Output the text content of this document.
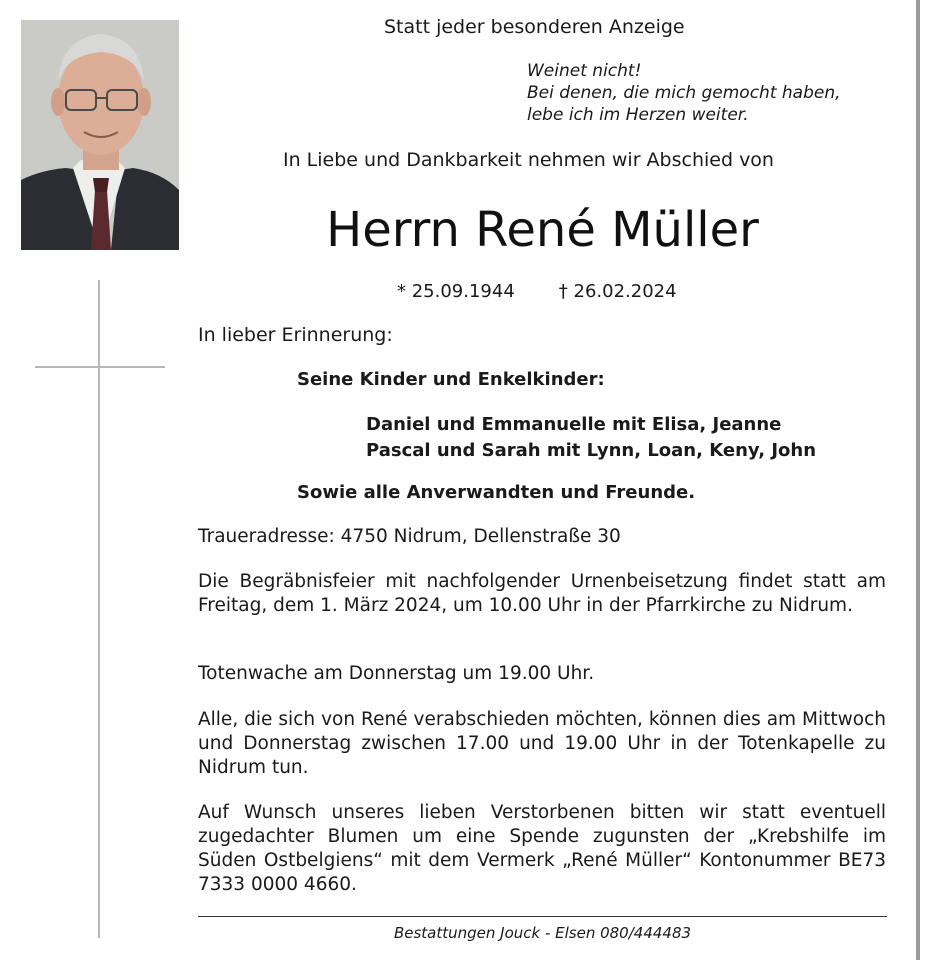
Statt jeder besonderen Anzeige

Weinet nicht!
Bei denen, die mich gemocht haben,
lebe ich im Herzen weiter.

In Liebe und Dankbarkeit nehmen wir Abschied von

Herrn René Müller

* 25.09.1944 † 26.02.2024

In lieber Erinnerung:

Seine Kinder und Enkelkinder:

Daniel und Emmanuelle mit Elisa, Jeanne
Pascal und Sarah mit Lynn, Loan, Keny, John

Sowie alle Anverwandten und Freunde.

Traueradresse: 4750 Nidrum, Dellenstraße 30

Die Begräbnisfeier mit nachfolgender Urnenbeisetzung findet statt am Freitag, dem 1. März 2024, um 10.00 Uhr in der Pfarrkirche zu Nidrum.

Totenwache am Donnerstag um 19.00 Uhr.

Alle, die sich von René verabschieden möchten, können dies am Mittwoch und Donnerstag zwischen 17.00 und 19.00 Uhr in der Totenkapelle zu Nidrum tun.

Auf Wunsch unseres lieben Verstorbenen bitten wir statt eventuell zugedachter Blumen um eine Spende zugunsten der „Krebshilfe im Süden Ostbelgiens“ mit dem Vermerk „René Müller“ Kontonummer BE73 7333 0000 4660.

Bestattungen Jouck - Elsen 080/444483
